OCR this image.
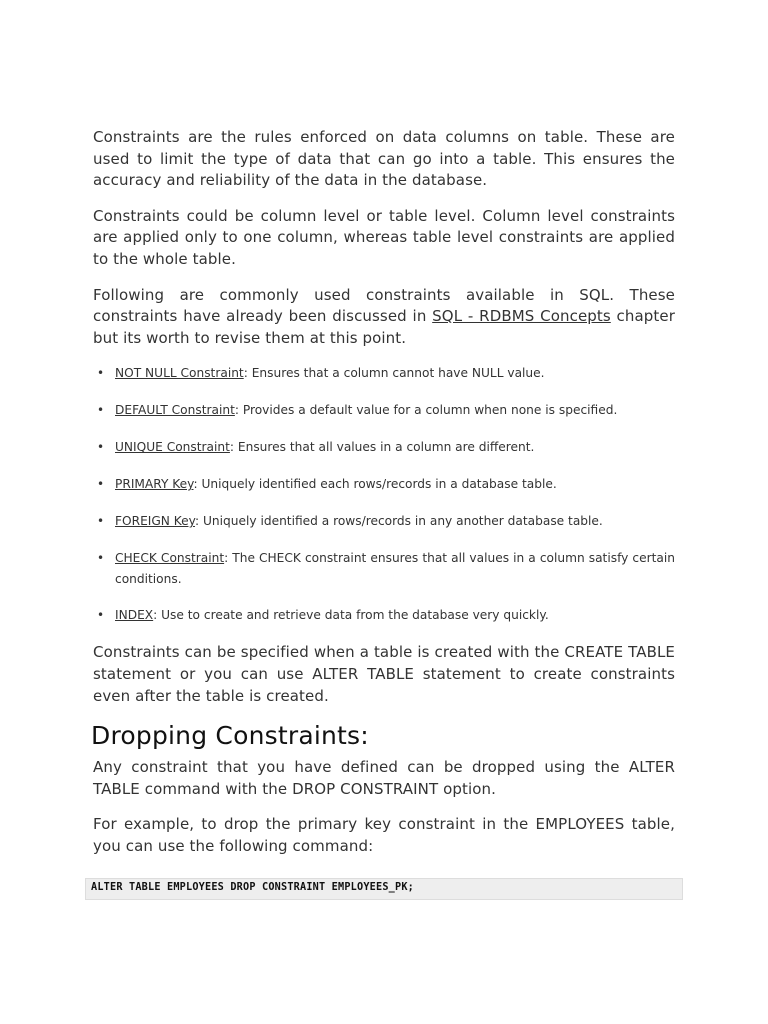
Constraints are the rules enforced on data columns on table. These are used to limit the type of data that can go into a table. This ensures the accuracy and reliability of the data in the database.

Constraints could be column level or table level. Column level constraints are applied only to one column, whereas table level constraints are applied to the whole table.

Following are commonly used constraints available in SQL. These constraints have already been discussed in SQL - RDBMS Concepts chapter but its worth to revise them at this point.

• NOT NULL Constraint: Ensures that a column cannot have NULL value.
• DEFAULT Constraint: Provides a default value for a column when none is specified.
• UNIQUE Constraint: Ensures that all values in a column are different.
• PRIMARY Key: Uniquely identified each rows/records in a database table.
• FOREIGN Key: Uniquely identified a rows/records in any another database table.
• CHECK Constraint: The CHECK constraint ensures that all values in a column satisfy certain conditions.
• INDEX: Use to create and retrieve data from the database very quickly.

Constraints can be specified when a table is created with the CREATE TABLE statement or you can use ALTER TABLE statement to create constraints even after the table is created.

Dropping Constraints:

Any constraint that you have defined can be dropped using the ALTER TABLE command with the DROP CONSTRAINT option.

For example, to drop the primary key constraint in the EMPLOYEES table, you can use the following command:

ALTER TABLE EMPLOYEES DROP CONSTRAINT EMPLOYEES_PK;
